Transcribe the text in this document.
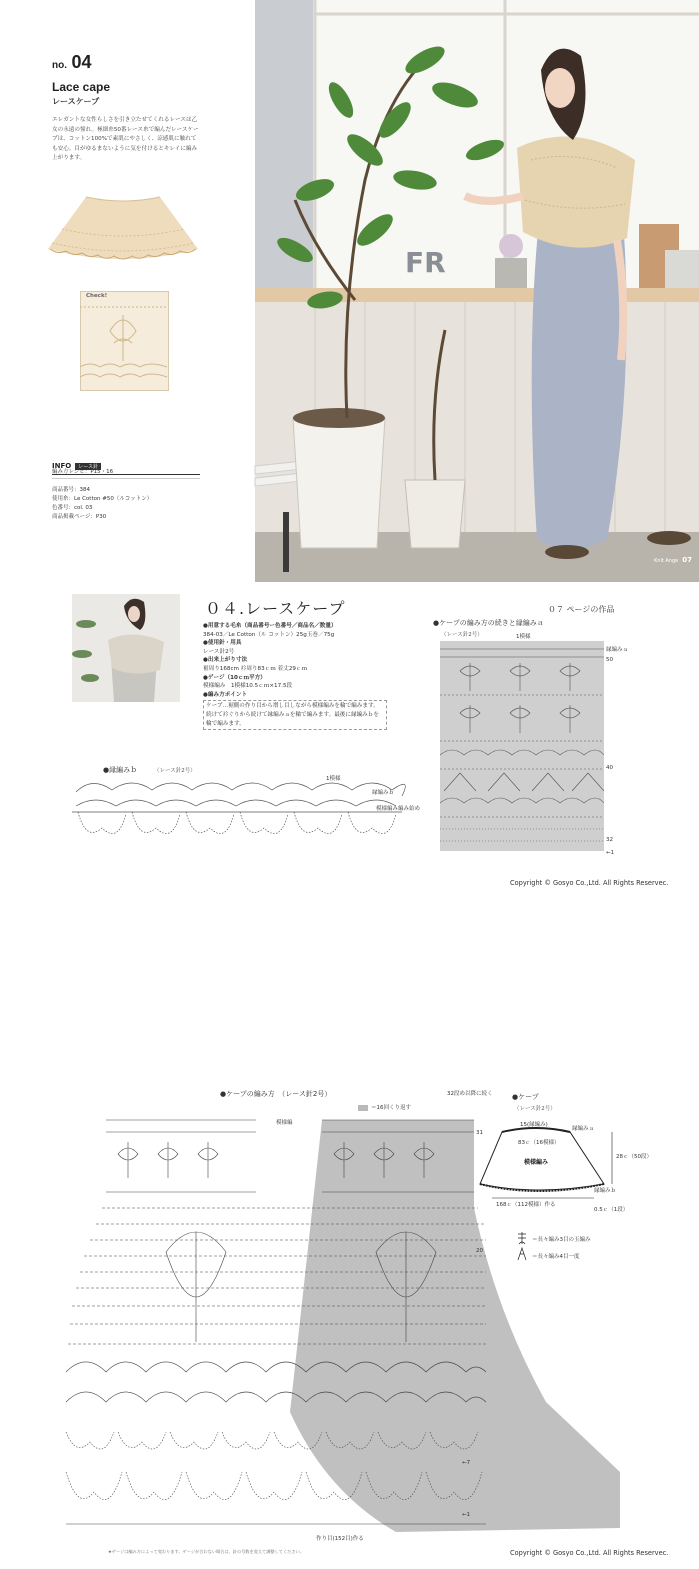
no. 04
Lace cape
レースケープ
エレガントな女性らしさを引き立たせてくれるレースは乙女の永遠の憧れ。極細糸50番レース糸で編んだレースケープは、コットン100%で素肌にやさしく、涼感肌に触れても安心。目がゆるまないように気を付けるとキレイに編み上がります。
Check!
INFO レース針
編み方レシピ：P15・16
商品番号：384
使用糸：Le Cotton #50（ルコットン）
色番号：col. 03
商品掲載ページ：P30
FR
Knit Ange 07
０４.レースケープ
●用意する毛糸（商品番号ー色番号／商品名／数量）
384-03／Le Cotton（ル コットン）25g玉巻／75g
●使用針・用具
レース針2号
●出来上がり寸法
裾周り168cm 衿周り83ｃｍ 着丈29ｃｍ
●ゲージ（10ｃｍ平方）
模様編み　1模様10.5ｃｍ×17.5段
●編み方ポイント
ケープ…裾側の作り目から増し目しながら模様編みを輪で編みます。続けて衿ぐりから続けて縁編みａを輪で編みます。最後に縁編みｂを輪で編みます。
０７ ページの作品
●ケープの編み方の続きと縁編みａ
（レース針2号）	1模様
縁編みａ
50
40
32
←1
●縁編みｂ	（レース針2号）
1模様
縁編みｂ
模様編み編み始め
Copyright © Gosyo Co.,Ltd. All Rights Reservec.
●ケープの編み方　（レース針2号）
＝16回くり返す
32段め以降に続く
模様編
31
20
←7
←1
作り目(152目)作る
●ケープ
（レース針2号）
15(縁編み)
83ｃ（16模様）
模様編み
168ｃ（112模様）作る
28ｃ（50段）
縁編みａ
縁編みｂ
0.5ｃ（1段）
＝長々編み3目の玉編み
＝長々編み4目一度
★ゲージは編み方によって変わります。ゲージが合わない場合は、針の号数を変えて調整してください。	Copyright © Gosyo Co.,Ltd. All Rights Reservec.
